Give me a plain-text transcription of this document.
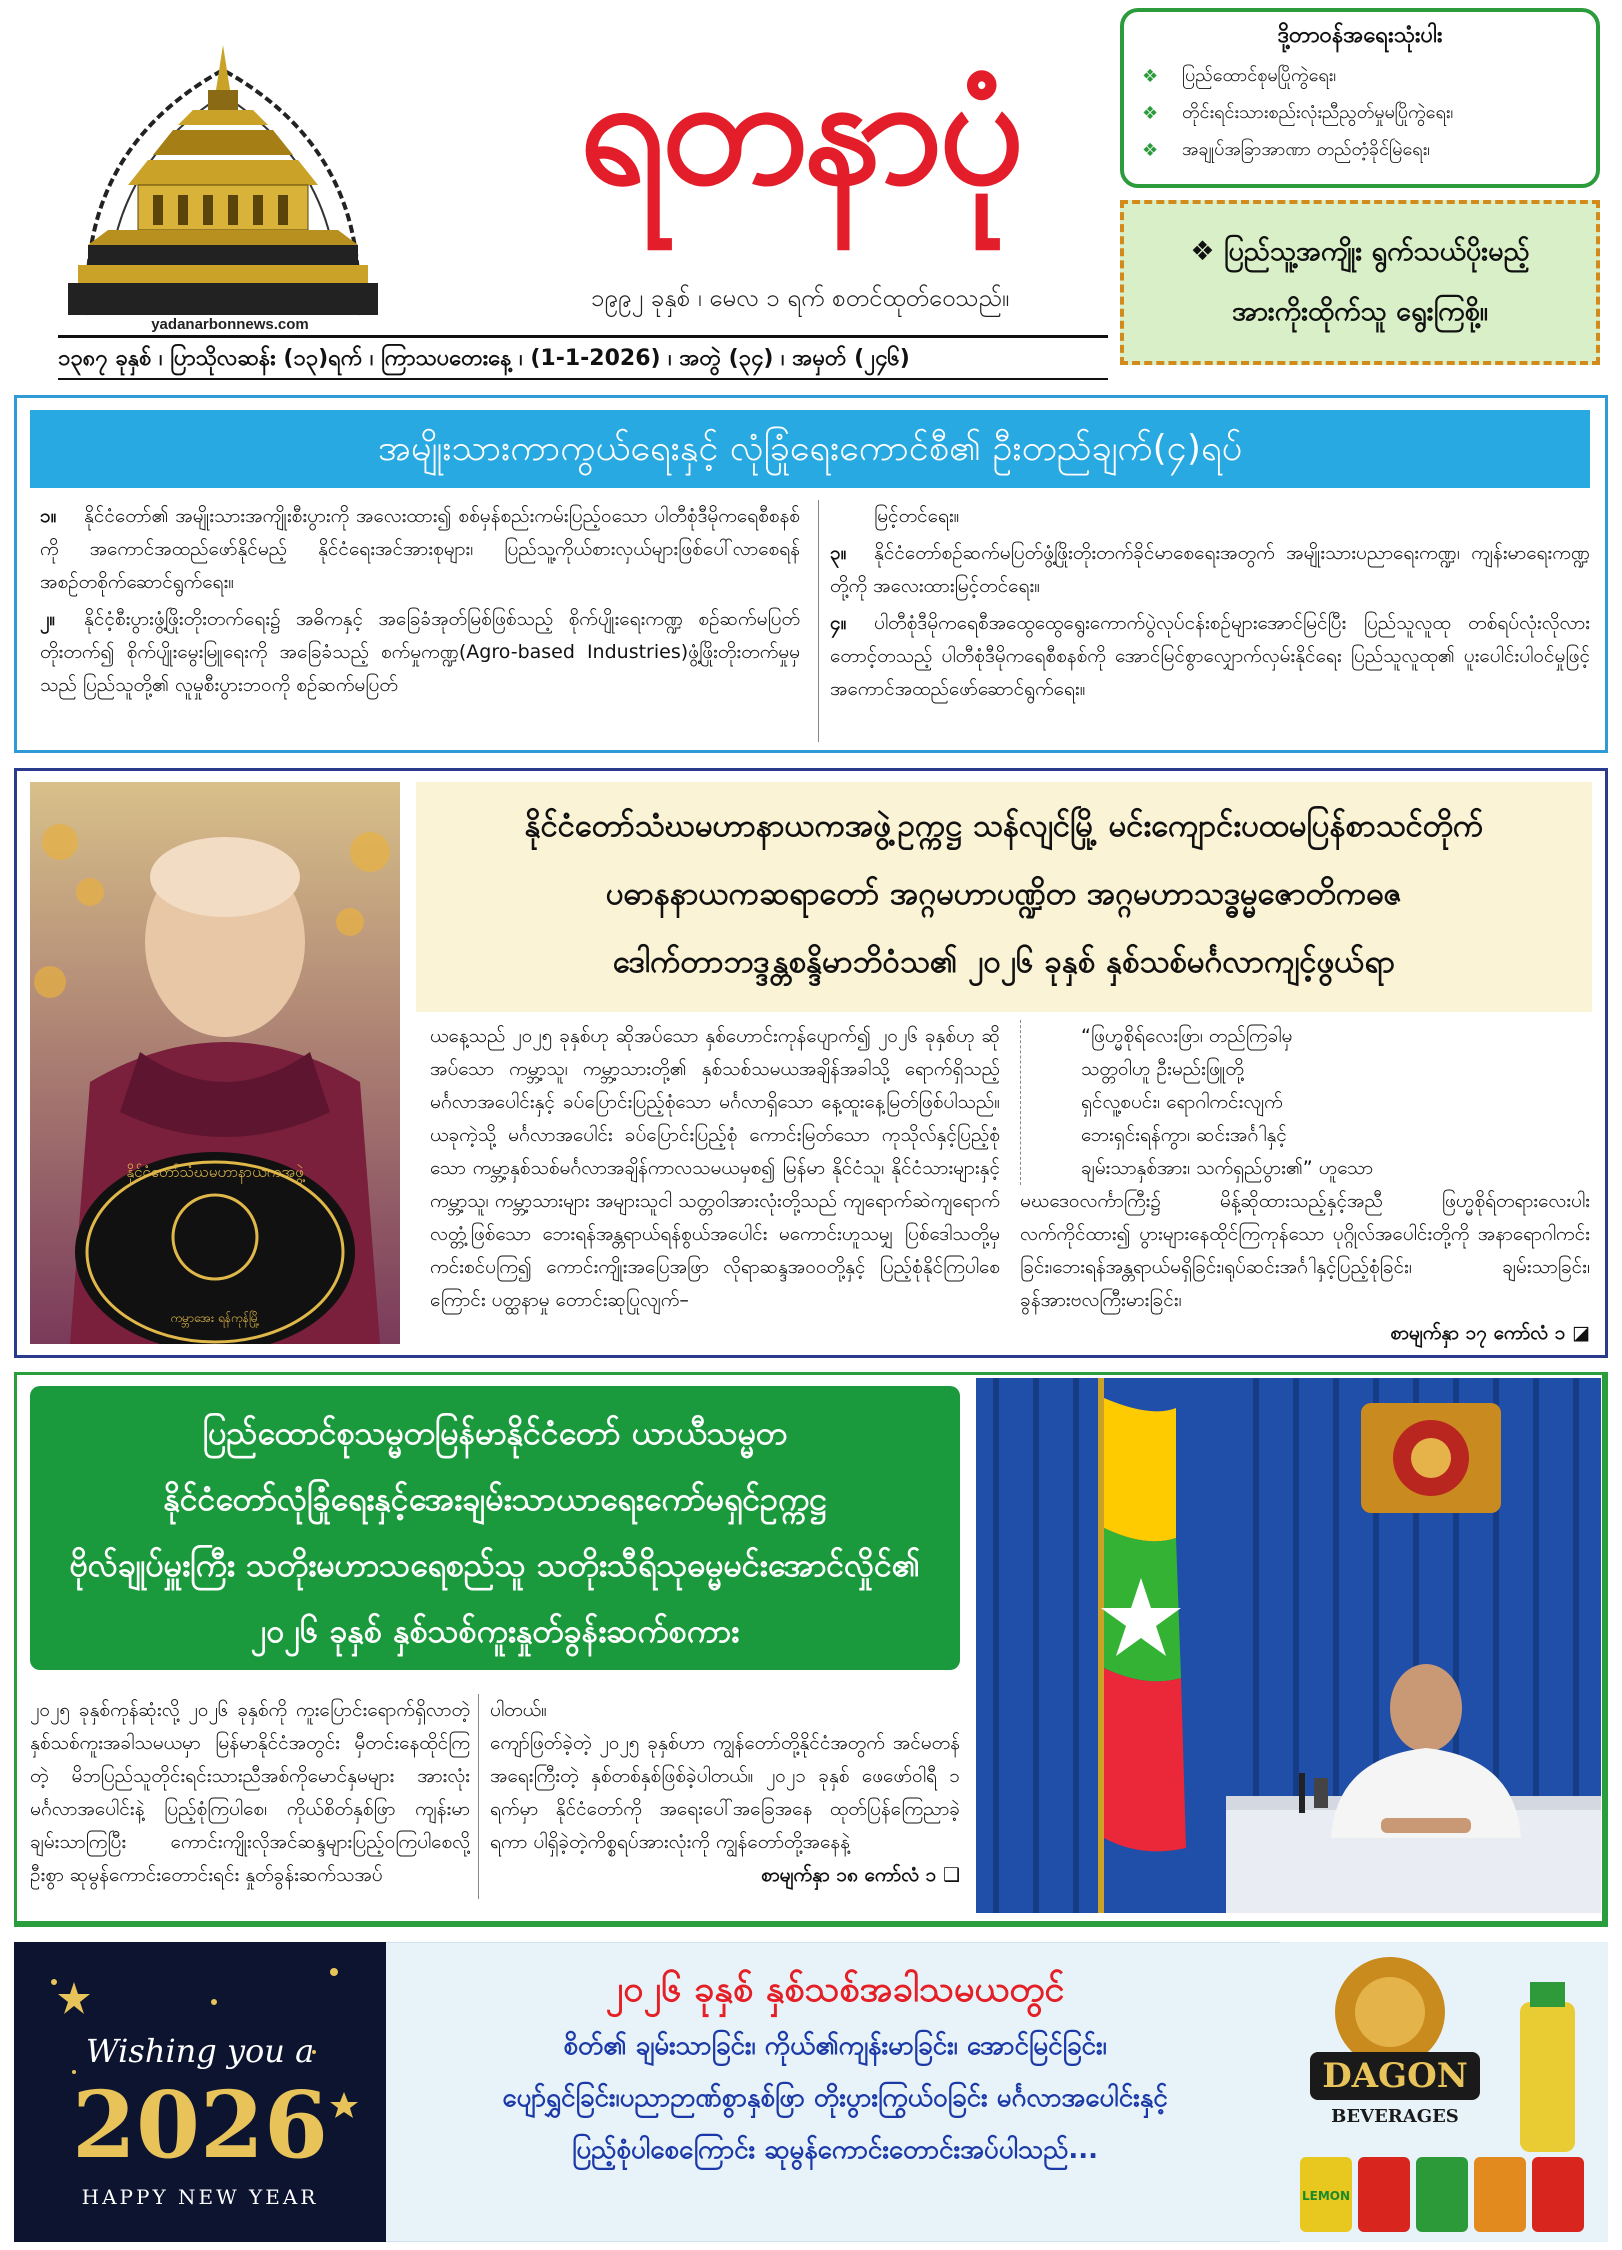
yadanarbonnews.com
ရတနာပုံ
၁၉၉၂ ခုနှစ် ၊ မေလ ၁ ရက် စတင်ထုတ်ဝေသည်။
၁၃၈၇ ခုနှစ် ၊ ပြာသိုလဆန်း (၁၃)ရက် ၊ ကြာသပတေးနေ့ ၊ (1-1-2026) ၊ အတွဲ (၃၄) ၊ အမှတ် (၂၄၆)
ဒို့တာဝန်အရေးသုံးပါး
❖	ပြည်ထောင်စုမပြိုကွဲရေး၊
❖	တိုင်းရင်းသားစည်းလုံးညီညွတ်မှုမပြိုကွဲရေး၊
❖	အချုပ်အခြာအာဏာ တည်တံ့ခိုင်မြဲရေး၊
❖ ပြည်သူ့အကျိုး ရွက်သယ်ပိုးမည့်
အားကိုးထိုက်သူ ရွေးကြစို့။
အမျိုးသားကာကွယ်ရေးနှင့် လုံခြုံရေးကောင်စီ၏ ဦးတည်ချက်(၄)ရပ်

၁။ နိုင်ငံတော်၏ အမျိုးသားအကျိုးစီးပွားကို အလေးထား၍ စစ်မှန်စည်းကမ်းပြည့်ဝသော ပါတီစုံဒီမိုကရေစီစနစ်ကို အကောင်အထည်ဖော်နိုင်မည့် နိုင်ငံရေးအင်အားစုများ၊ ပြည်သူ့ကိုယ်စားလှယ်များဖြစ်ပေါ်လာစေရန် အစဉ်တစိုက်ဆောင်ရွက်ရေး။

၂။ နိုင်ငံ့စီးပွားဖွံ့ဖြိုးတိုးတက်ရေး၌ အဓိကနှင့် အခြေခံအုတ်မြစ်ဖြစ်သည့် စိုက်ပျိုးရေးကဏ္ဍ စဉ်ဆက်မပြတ်တိုးတက်၍ စိုက်ပျိုးမွေးမြူရေးကို အခြေခံသည့် စက်မှုကဏ္ဍ(Agro-based Industries)ဖွံ့ဖြိုးတိုးတက်မှုမှသည် ပြည်သူတို့၏ လူမှုစီးပွားဘဝကို စဉ်ဆက်မပြတ်

မြင့်တင်ရေး။

၃။ နိုင်ငံတော်စဉ်ဆက်မပြတ်ဖွံ့ဖြိုးတိုးတက်ခိုင်မာစေရေးအတွက် အမျိုးသားပညာရေးကဏ္ဍ၊ ကျန်းမာရေးကဏ္ဍတို့ကို အလေးထားမြင့်တင်ရေး။

၄။ ပါတီစုံဒီမိုကရေစီအထွေထွေရွေးကောက်ပွဲလုပ်ငန်းစဉ်များအောင်မြင်ပြီး ပြည်သူလူထု တစ်ရပ်လုံးလိုလားတောင့်တသည့် ပါတီစုံဒီမိုကရေစီစနစ်ကို အောင်မြင်စွာလျှောက်လှမ်းနိုင်ရေး ပြည်သူလူထု၏ ပူးပေါင်းပါဝင်မှုဖြင့် အကောင်အထည်ဖော်ဆောင်ရွက်ရေး။

နိုင်ငံတော်သံဃမဟာနာယကအဖွဲ့
ကမ္ဘာအေး ရန်ကုန်မြို့
နိုင်ငံတော်သံဃမဟာနာယကအဖွဲ့ဥက္ကဋ္ဌ သန်လျင်မြို့ မင်းကျောင်းပထမပြန်စာသင်တိုက်
ပဓာနနာယကဆရာတော် အဂ္ဂမဟာပဏ္ဍိတ အဂ္ဂမဟာသဒ္ဓမ္မဇောတိကဓဇ
ဒေါက်တာဘဒ္ဒန္တစန္ဒိမာဘိဝံသ၏ ၂၀၂၆ ခုနှစ် နှစ်သစ်မင်္ဂလာကျင့်ဖွယ်ရာ
ယနေ့သည် ၂၀၂၅ ခုနှစ်ဟု ဆိုအပ်သော နှစ်ဟောင်းကုန်ပျောက်၍ ၂၀၂၆ ခုနှစ်ဟု ဆိုအပ်သော ကမ္ဘာ့သူ၊ ကမ္ဘာ့သားတို့၏ နှစ်သစ်သမယအချိန်အခါသို့ ရောက်ရှိသည့် မင်္ဂလာအပေါင်းနှင့် ခပ်ပြောင်းပြည့်စုံသော မင်္ဂလာရှိသော နေ့ထူးနေ့မြတ်ဖြစ်ပါသည်။ ယခုကဲ့သို့ မင်္ဂလာအပေါင်း ခပ်ပြောင်းပြည့်စုံ ကောင်းမြတ်သော ကုသိုလ်နှင့်ပြည့်စုံသော ကမ္ဘာ့နှစ်သစ်မင်္ဂလာအချိန်ကာလသမယမှစ၍ မြန်မာ နိုင်ငံသူ၊ နိုင်ငံသားများနှင့် ကမ္ဘာ့သူ၊ ကမ္ဘာ့သားများ အများသူငါ သတ္တဝါအားလုံးတို့သည် ကျရောက်ဆဲကျရောက်လတ္တံ့ဖြစ်သော ဘေးရန်အန္တရာယ်ရန်စွယ်အပေါင်း မကောင်းဟူသမျှ ပြစ်ဒေါသတို့မှ ကင်းစင်ပကြ၍ ကောင်းကျိုးအပြေအဖြာ လိုရာဆန္ဒအဝဝတို့နှင့် ပြည့်စုံနိုင်ကြပါစေကြောင်း ပတ္ထနာမှု တောင်းဆုပြုလျက်–
“ဖြဟ္မစိုရ်လေးဖြာ၊ တည်ကြခါမှ
သတ္တဝါဟူ ဦးမည်းဖြူတို့
ရှင်လူ့စပင်း၊ ရောဂါကင်းလျက်
ဘေးရှင်းရန်ကွာ၊ ဆင်းအင်္ဂါနှင့်
ချမ်းသာနှစ်အား၊ သက်ရှည်ပွား၏” ဟူသော
မဃဒေဝလင်္ကာကြီး၌ မိန့်ဆိုထားသည့်နှင့်အညီ ဖြဟ္မစိုရ်တရားလေးပါး လက်ကိုင်ထား၍ ပွားများနေထိုင်ကြကုန်သော ပုဂ္ဂိုလ်အပေါင်းတို့ကို အနာရောဂါကင်းခြင်း၊ဘေးရန်အန္တရာယ်မရှိခြင်း၊ရုပ်ဆင်းအင်္ဂါနှင့်ပြည့်စုံခြင်း၊ ချမ်းသာခြင်း၊ ခွန်အားဗလကြီးမားခြင်း၊
စာမျက်နှာ ၁၇ ကော်လံ ၁ ◪
ပြည်ထောင်စုသမ္မတမြန်မာနိုင်ငံတော် ယာယီသမ္မတ
နိုင်ငံတော်လုံခြုံရေးနှင့်အေးချမ်းသာယာရေးကော်မရှင်ဥက္ကဋ္ဌ
ဗိုလ်ချုပ်မှူးကြီး သတိုးမဟာသရေစည်သူ သတိုးသီရိသုဓမ္မမင်းအောင်လှိုင်၏
၂၀၂၆ ခုနှစ် နှစ်သစ်ကူးနှုတ်ခွန်းဆက်စကား
၂၀၂၅ ခုနှစ်ကုန်ဆုံးလို့ ၂၀၂၆ ခုနှစ်ကို ကူးပြောင်းရောက်ရှိလာတဲ့ နှစ်သစ်ကူးအခါသမယမှာ မြန်မာနိုင်ငံအတွင်း မှီတင်းနေထိုင်ကြတဲ့ မိဘပြည်သူတိုင်းရင်းသားညီအစ်ကိုမောင်နှမများ အားလုံး မင်္ဂလာအပေါင်းနဲ့ ပြည့်စုံကြပါစေ၊ ကိုယ်စိတ်နှစ်ဖြာ ကျန်းမာချမ်းသာကြပြီး ကောင်းကျိုးလိုအင်ဆန္ဒများပြည့်ဝကြပါစေလို့ ဦးစွာ ဆုမွန်ကောင်းတောင်းရင်း နှုတ်ခွန်းဆက်သအပ်
ပါတယ်။
ကျော်ဖြတ်ခဲ့တဲ့ ၂၀၂၅ ခုနှစ်ဟာ ကျွန်တော်တို့နိုင်ငံအတွက် အင်မတန်အရေးကြီးတဲ့ နှစ်တစ်နှစ်ဖြစ်ခဲ့ပါတယ်။ ၂၀၂၁ ခုနှစ် ဖေဖော်ဝါရီ ၁ ရက်မှာ နိုင်ငံတော်ကို အရေးပေါ်အခြေအနေ ထုတ်ပြန်ကြေညာခဲ့ရကာ ပါရှိခဲ့တဲ့ကိစ္စရပ်အားလုံးကို ကျွန်တော်တို့အနေနဲ့
စာမျက်နှာ ၁၈ ကော်လံ ၁ ❑
Wishing you a
2026
HAPPY NEW YEAR
၂၀၂၆ ခုနှစ် နှစ်သစ်အခါသမယတွင်
စိတ်၏ ချမ်းသာခြင်း၊ ကိုယ်၏ကျန်းမာခြင်း၊ အောင်မြင်ခြင်း၊
ပျော်ရွှင်ခြင်း၊ပညာဉာဏ်စွာနှစ်ဖြာ တိုးပွားကြွယ်ဝခြင်း မင်္ဂလာအပေါင်းနှင့်
ပြည့်စုံပါစေကြောင်း ဆုမွန်ကောင်းတောင်းအပ်ပါသည်...
DAGON
BEVERAGES
LEMON
